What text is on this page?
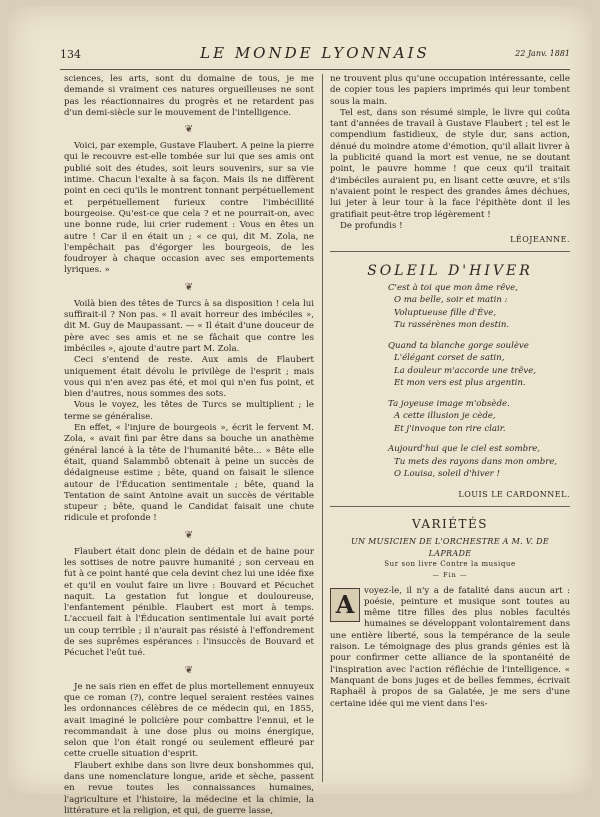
134	LE MONDE LYONNAIS	22 Janv. 1881

sciences, les arts, sont du domaine de tous, je me demande si vraiment ces natures orgueilleuses ne sont pas les réactionnaires du progrès et ne retardent pas d'un demi-siècle sur le mouvement de l'intelligence.

❦

Voici, par exemple, Gustave Flaubert. A peine la pierre qui le recouvre est-elle tombée sur lui que ses amis ont publié soit des études, soit leurs souvenirs, sur sa vie intime. Chacun l'exalte à sa façon. Mais ils ne diffèrent point en ceci qu'ils le montrent tonnant perpétuellement et perpétuellement furieux contre l'imbécillité bourgeoise. Qu'est-ce que cela ? et ne pourrait-on, avec une bonne rude, lui crier rudement : Vous en êtes un autre ! Car il en était un ; « ce qui, dit M. Zola, ne l'empêchait pas d'égorger les bourgeois, de les foudroyer à chaque occasion avec ses emportements lyriques. »

❦

Voilà bien des têtes de Turcs à sa disposition ! cela lui suffirait-il ? Non pas. « Il avait horreur des imbéciles », dit M. Guy de Maupassant. — « Il était d'une douceur de père avec ses amis et ne se fâchait que contre les imbéciles », ajoute d'autre part M. Zola.

Ceci s'entend de reste. Aux amis de Flaubert uniquement était dévolu le privilège de l'esprit ; mais vous qui n'en avez pas été, et moi qui n'en fus point, et bien d'autres, nous sommes des sots.

Vous le voyez, les têtes de Turcs se multiplient ; le terme se généralise.

En effet, « l'injure de bourgeois », écrit le fervent M. Zola, « avait fini par être dans sa bouche un anathème général lancé à la tête de l'humanité bête... » Bête elle était, quand Salammbô obtenait à peine un succès de dédaigneuse estime ; bête, quand on faisait le silence autour de l'Éducation sentimentale ; bête, quand la Tentation de saint Antoine avait un succès de véritable stupeur ; bête, quand le Candidat faisait une chute ridicule et profonde !

❦

Flaubert était donc plein de dédain et de haine pour les sottises de notre pauvre humanité ; son cerveau en fut à ce point hanté que cela devint chez lui une idée fixe et qu'il en voulut faire un livre : Bouvard et Pécuchet naquit. La gestation fut longue et douloureuse, l'enfantement pénible. Flaubert est mort à temps. L'accueil fait à l'Éducation sentimentale lui avait porté un coup terrible ; il n'aurait pas résisté à l'effondrement de ses suprêmes espérances : l'insuccès de Bouvard et Pécuchet l'eût tué.

❦

Je ne sais rien en effet de plus mortellement ennuyeux que ce roman (?), contre lequel seraient restées vaines les ordonnances célèbres de ce médecin qui, en 1855, avait imaginé le policière pour combattre l'ennui, et le recommandait à une dose plus ou moins énergique, selon que l'on était rongé ou seulement effleuré par cette cruelle situation d'esprit.

Flaubert exhibe dans son livre deux bonshommes qui, dans une nomenclature longue, aride et sèche, passent en revue toutes les connaissances humaines, l'agriculture et l'histoire, la médecine et la chimie, la littérature et la religion, et qui, de guerre lasse,

ne trouvent plus qu'une occupation intéressante, celle de copier tous les papiers imprimés qui leur tombent sous la main.

Tel est, dans son résumé simple, le livre qui coûta tant d'années de travail à Gustave Flaubert ; tel est le compendium fastidieux, de style dur, sans action, dénué du moindre atome d'émotion, qu'il allait livrer à la publicité quand la mort est venue, ne se doutant point, le pauvre homme ! que ceux qu'il traitait d'imbéciles auraient pu, en lisant cette œuvre, et s'ils n'avaient point le respect des grandes âmes déchues, lui jeter à leur tour à la face l'épithète dont il les gratifiait peut-être trop légèrement !

De profundis !

LÉOJEANNE.
SOLEIL D'HIVER
C'est à toi que mon âme rêve,
O ma belle, soir et matin :
Voluptueuse fille d'Ève,
Tu rassérènes mon destin.
Quand ta blanche gorge soulève
L'élégant corset de satin,
La douleur m'accorde une trêve,
Et mon vers est plus argentin.
Ta joyeuse image m'obsède.
A cette illusion je cède,
Et j'invoque ton rire clair.
Aujourd'hui que le ciel est sombre,
Tu mets des rayons dans mon ombre,
O Louisa, soleil d'hiver !
LOUIS LE CARDONNEL.
VARIÉTÉS
UN MUSICIEN DE L'ORCHESTRE A M. V. DE LAPRADE
Sur son livre Contre la musique
— Fin —
A	voyez-le, il n'y a de fatalité dans aucun art : poésie, peinture et musique sont toutes au même titre filles des plus nobles facultés humaines se développant volontairement dans une entière liberté, sous la tempérance de la seule raison. Le témoignage des plus grands génies est là pour confirmer cette alliance de la spontanéité de l'inspiration avec l'action réfléchie de l'intelligence. « Manquant de bons juges et de belles femmes, écrivait Raphaël à propos de sa Galatée, je me sers d'une certaine idée qui me vient dans l'es-
